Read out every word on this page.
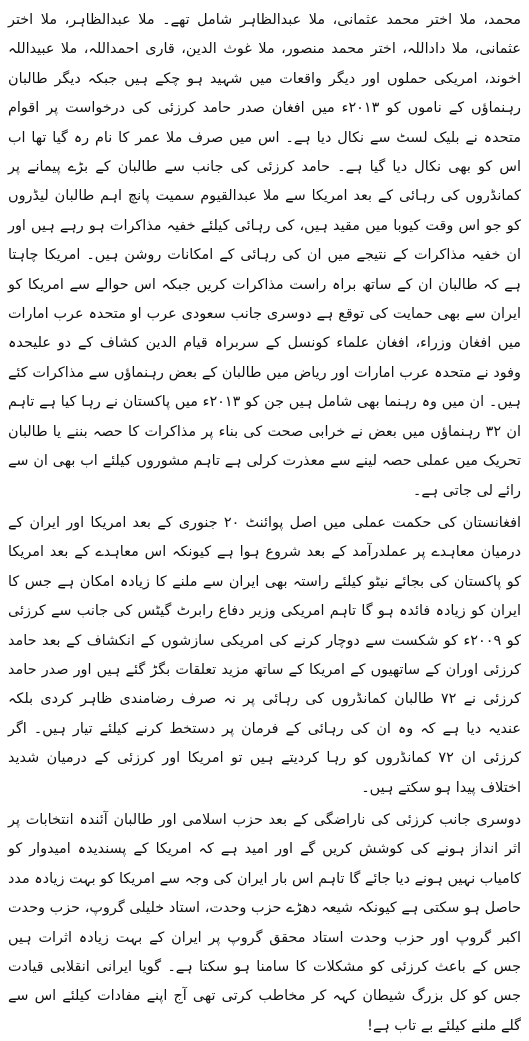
محمد، ملا اختر محمد عثمانی، ملا عبدالظاہر شامل تھے۔ ملا عبدالظاہر، ملا اختر عثمانی، ملا داداللہ، اختر محمد منصور، ملا غوث الدین، قاری احمداللہ، ملا عبیداللہ اخوند، امریکی حملوں اور دیگر واقعات میں شہید ہو چکے ہیں جبکہ دیگر طالبان رہنماؤں کے ناموں کو ۲۰۱۳ء میں افغان صدر حامد کرزئی کی درخواست پر اقوام متحدہ نے بلیک لسٹ سے نکال دیا ہے۔ اس میں صرف ملا عمر کا نام رہ گیا تھا اب اس کو بھی نکال دیا گیا ہے۔ حامد کرزئی کی جانب سے طالبان کے بڑے پیمانے پر کمانڈروں کی رہائی کے بعد امریکا سے ملا عبدالقیوم سمیت پانچ اہم طالبان لیڈروں کو جو اس وقت کیوبا میں مقید ہیں، کی رہائی کیلئے خفیہ مذاکرات ہو رہے ہیں اور ان خفیہ مذاکرات کے نتیجے میں ان کی رہائی کے امکانات روشن ہیں۔ امریکا چاہتا ہے کہ طالبان ان کے ساتھ براہ راست مذاکرات کریں جبکہ اس حوالے سے امریکا کو ایران سے بھی حمایت کی توقع ہے دوسری جانب سعودی عرب او متحدہ عرب امارات میں افغان وزراء، افغان علماء کونسل کے سربراہ قیام الدین کشاف کے دو علیحدہ وفود نے متحدہ عرب امارات اور ریاض میں طالبان کے بعض رہنماؤں سے مذاکرات کئے ہیں۔ ان میں وہ رہنما بھی شامل ہیں جن کو ۲۰۱۳ء میں پاکستان نے رہا کیا ہے تاہم ان ۳۲ رہنماؤں میں بعض نے خرابی صحت کی بناء پر مذاکرات کا حصہ بننے یا طالبان تحریک میں عملی حصہ لینے سے معذرت کرلی ہے تاہم مشوروں کیلئے اب بھی ان سے رائے لی جاتی ہے۔

افغانستان کی حکمت عملی میں اصل پوائنٹ ۲۰ جنوری کے بعد امریکا اور ایران کے درمیان معاہدے پر عملدرآمد کے بعد شروع ہوا ہے کیونکہ اس معاہدے کے بعد امریکا کو پاکستان کی بجائے نیٹو کیلئے راستہ بھی ایران سے ملنے کا زیادہ امکان ہے جس کا ایران کو زیادہ فائدہ ہو گا تاہم امریکی وزیر دفاع رابرٹ گیٹس کی جانب سے کرزئی کو ۲۰۰۹ء کو شکست سے دوچار کرنے کی امریکی سازشوں کے انکشاف کے بعد حامد کرزئی اوران کے ساتھیوں کے امریکا کے ساتھ مزید تعلقات بگڑ گئے ہیں اور صدر حامد کرزئی نے ۷۲ طالبان کمانڈروں کی رہائی پر نہ صرف رضامندی ظاہر کردی بلکہ عندیہ دیا ہے کہ وہ ان کی رہائی کے فرمان پر دستخط کرنے کیلئے تیار ہیں۔ اگر کرزئی ان ۷۲ کمانڈروں کو رہا کردیتے ہیں تو امریکا اور کرزئی کے درمیان شدید اختلاف پیدا ہو سکتے ہیں۔

دوسری جانب کرزئی کی ناراضگی کے بعد حزب اسلامی اور طالبان آئندہ انتخابات پر اثر انداز ہونے کی کوشش کریں گے اور امید ہے کہ امریکا کے پسندیدہ امیدوار کو کامیاب نہیں ہونے دیا جائے گا تاہم اس بار ایران کی وجہ سے امریکا کو بہت زیادہ مدد حاصل ہو سکتی ہے کیونکہ شیعہ دھڑے حزب وحدت، استاد خلیلی گروپ، حزب وحدت اکبر گروپ اور حزب وحدت استاد محقق گروپ پر ایران کے بہت زیادہ اثرات ہیں جس کے باعث کرزئی کو مشکلات کا سامنا ہو سکتا ہے۔ گویا ایرانی انقلابی قیادت جس کو کل بزرگ شیطان کہہ کر مخاطب کرتی تھی آج اپنے مفادات کیلئے اس سے گلے ملنے کیلئے بے تاب ہے!
